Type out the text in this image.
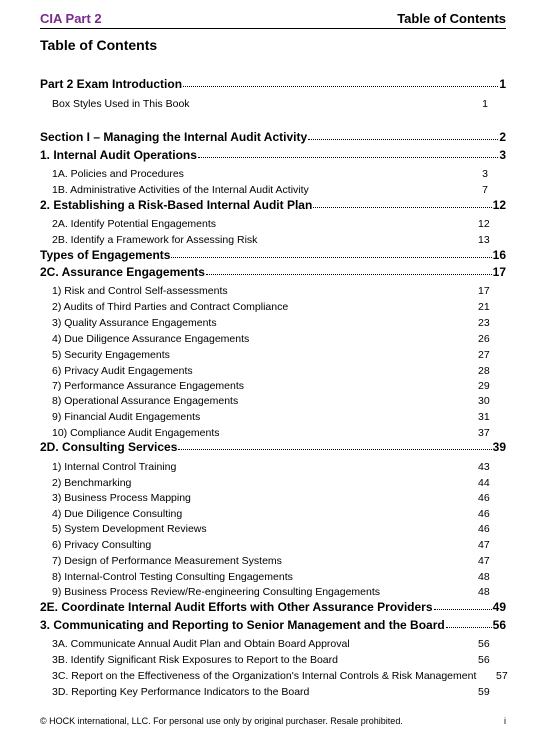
CIA Part 2	Table of Contents
Table of Contents
Part 2 Exam Introduction	1
Box Styles Used in This Book	1
Section I – Managing the Internal Audit Activity	2
1. Internal Audit Operations	3
1A. Policies and Procedures	3
1B. Administrative Activities of the Internal Audit Activity	7
2. Establishing a Risk-Based Internal Audit Plan	12
2A. Identify Potential Engagements	12
2B. Identify a Framework for Assessing Risk	13
Types of Engagements	16
2C. Assurance Engagements	17
1) Risk and Control Self-assessments	17
2) Audits of Third Parties and Contract Compliance	21
3) Quality Assurance Engagements	23
4) Due Diligence Assurance Engagements	26
5) Security Engagements	27
6) Privacy Audit Engagements	28
7) Performance Assurance Engagements	29
8) Operational Assurance Engagements	30
9) Financial Audit Engagements	31
10) Compliance Audit Engagements	37
2D. Consulting Services	39
1) Internal Control Training	43
2) Benchmarking	44
3) Business Process Mapping	46
4) Due Diligence Consulting	46
5) System Development Reviews	46
6) Privacy Consulting	47
7) Design of Performance Measurement Systems	47
8) Internal-Control Testing Consulting Engagements	48
9) Business Process Review/Re-engineering Consulting Engagements	48
2E. Coordinate Internal Audit Efforts with Other Assurance Providers	49
3. Communicating and Reporting to Senior Management and the Board	56
3A. Communicate Annual Audit Plan and Obtain Board Approval	56
3B. Identify Significant Risk Exposures to Report to the Board	56
3C. Report on the Effectiveness of the Organization's Internal Controls & Risk Management	57
3D. Reporting Key Performance Indicators to the Board	59
© HOCK international, LLC. For personal use only by original purchaser. Resale prohibited.	i
